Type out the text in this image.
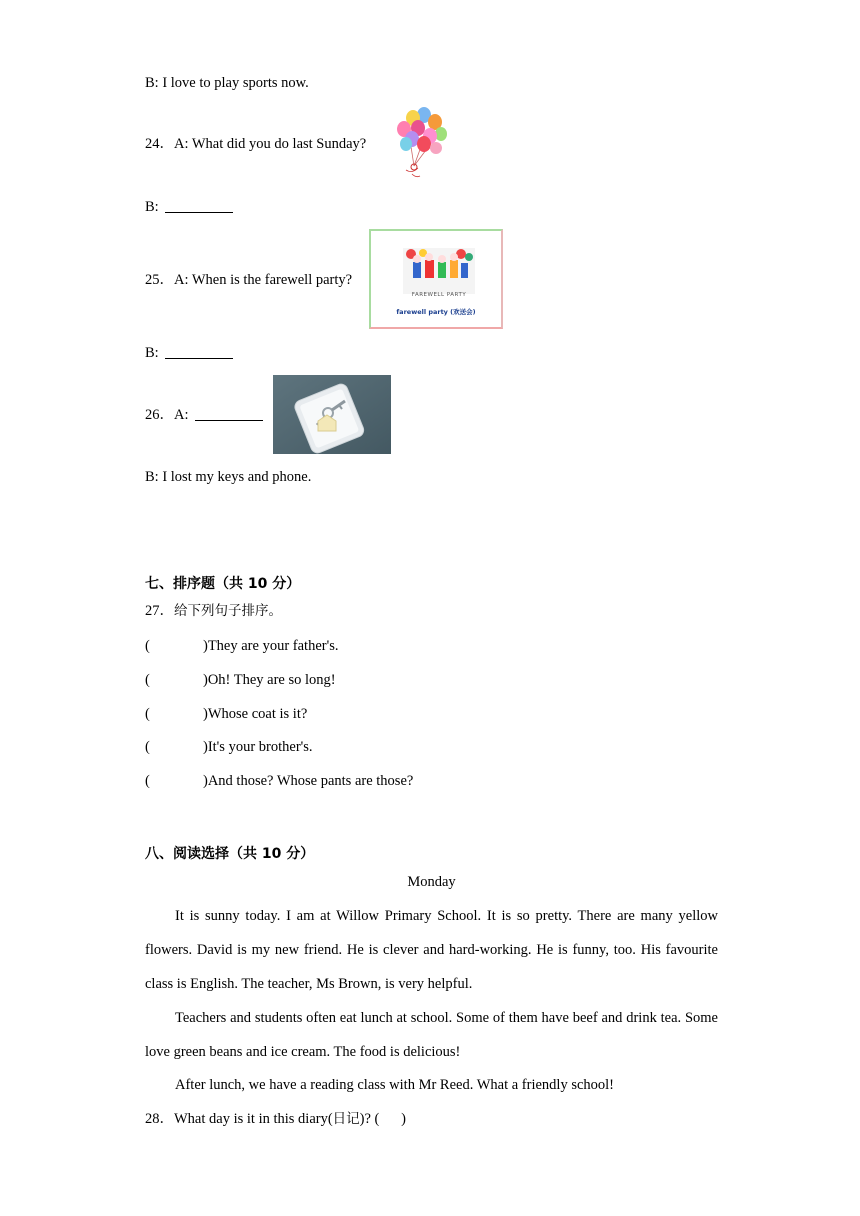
B: I love to play sports now.
24．A: What did you do last Sunday?
B:
25．A: When is the farewell party?
FAREWELL PARTY
farewell party (欢送会)
B:
26．A:
B: I lost my keys and phone.
七、排序题（共 10 分）
27．给下列句子排序。
(	)They are your father's.
(	)Oh! They are so long!
(	)Whose coat is it?
(	)It's your brother's.
(	)And those? Whose pants are those?
八、阅读选择（共 10 分）
Monday
It is sunny today. I am at Willow Primary School. It is so pretty. There are many yellow flowers. David is my new friend. He is clever and hard-working. He is funny, too. His favourite class is English. The teacher, Ms Brown, is very helpful.
Teachers and students often eat lunch at school. Some of them have beef and drink tea. Some love green beans and ice cream. The food is delicious!
After lunch, we have a reading class with Mr Reed. What a friendly school!
28．What day is it in this diary(日记)? (      )
